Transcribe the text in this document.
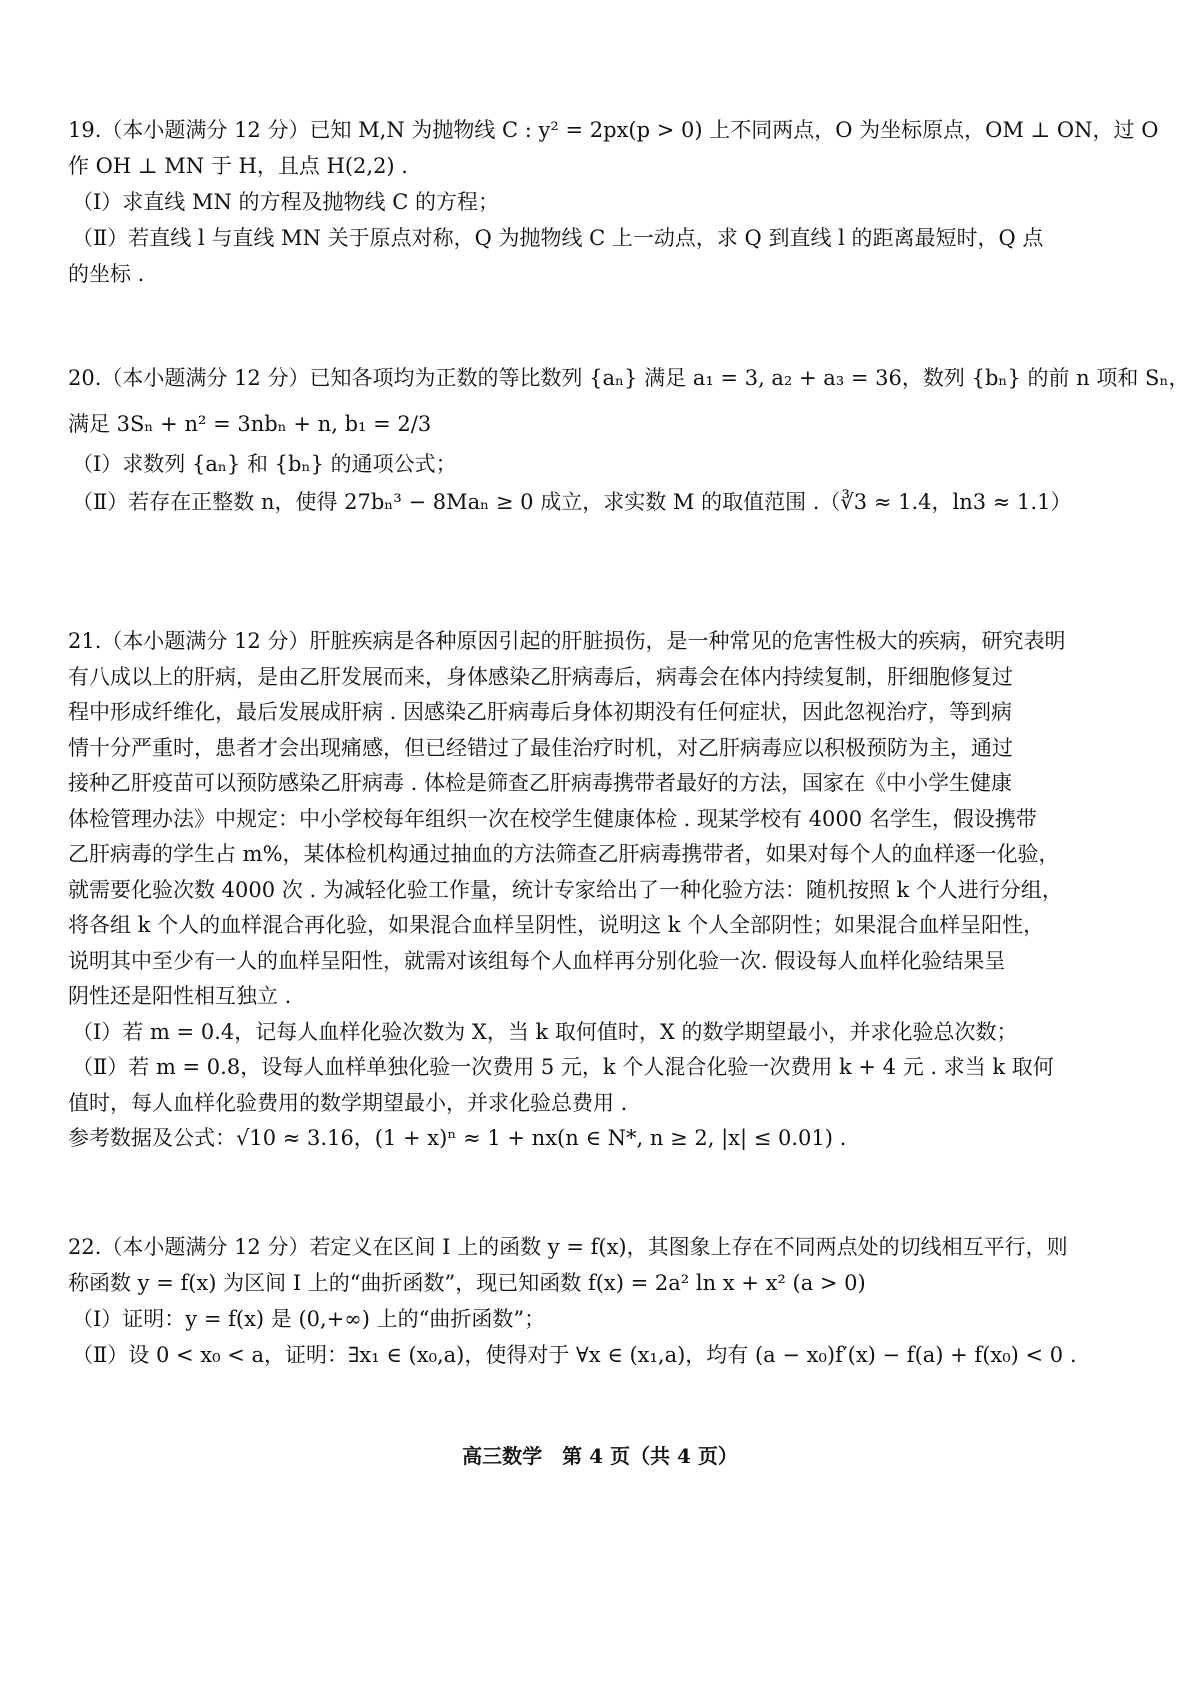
19.（本小题满分 12 分）已知 M,N 为抛物线 C : y² = 2px(p > 0) 上不同两点，O 为坐标原点，OM ⊥ ON，过 O
作 OH ⊥ MN 于 H，且点 H(2,2) .
（Ⅰ）求直线 MN 的方程及抛物线 C 的方程；
（Ⅱ）若直线 l 与直线 MN 关于原点对称，Q 为抛物线 C 上一动点，求 Q 到直线 l 的距离最短时，Q 点
的坐标 .
20.（本小题满分 12 分）已知各项均为正数的等比数列 {aₙ} 满足 a₁ = 3, a₂ + a₃ = 36，数列 {bₙ} 的前 n 项和 Sₙ，
满足 3Sₙ + n² = 3nbₙ + n, b₁ = 2/3
（Ⅰ）求数列 {aₙ} 和 {bₙ} 的通项公式；
（Ⅱ）若存在正整数 n，使得 27bₙ³ − 8Maₙ ≥ 0 成立，求实数 M 的取值范围 .（∛3 ≈ 1.4，ln3 ≈ 1.1）
21.（本小题满分 12 分）肝脏疾病是各种原因引起的肝脏损伤，是一种常见的危害性极大的疾病，研究表明
有八成以上的肝病，是由乙肝发展而来，身体感染乙肝病毒后，病毒会在体内持续复制，肝细胞修复过
程中形成纤维化，最后发展成肝病 . 因感染乙肝病毒后身体初期没有任何症状，因此忽视治疗，等到病
情十分严重时，患者才会出现痛感，但已经错过了最佳治疗时机，对乙肝病毒应以积极预防为主，通过
接种乙肝疫苗可以预防感染乙肝病毒 . 体检是筛查乙肝病毒携带者最好的方法，国家在《中小学生健康
体检管理办法》中规定：中小学校每年组织一次在校学生健康体检 . 现某学校有 4000 名学生，假设携带
乙肝病毒的学生占 m%，某体检机构通过抽血的方法筛查乙肝病毒携带者，如果对每个人的血样逐一化验，
就需要化验次数 4000 次 . 为减轻化验工作量，统计专家给出了一种化验方法：随机按照 k 个人进行分组，
将各组 k 个人的血样混合再化验，如果混合血样呈阴性，说明这 k 个人全部阴性；如果混合血样呈阳性，
说明其中至少有一人的血样呈阳性，就需对该组每个人血样再分别化验一次. 假设每人血样化验结果呈
阴性还是阳性相互独立 .
（Ⅰ）若 m = 0.4，记每人血样化验次数为 X，当 k 取何值时，X 的数学期望最小，并求化验总次数；
（Ⅱ）若 m = 0.8，设每人血样单独化验一次费用 5 元，k 个人混合化验一次费用 k + 4 元 . 求当 k 取何
值时，每人血样化验费用的数学期望最小，并求化验总费用 .
参考数据及公式：√10 ≈ 3.16，(1 + x)ⁿ ≈ 1 + nx(n ∈ N*, n ≥ 2, |x| ≤ 0.01) .
22.（本小题满分 12 分）若定义在区间 I 上的函数 y = f(x)，其图象上存在不同两点处的切线相互平行，则
称函数 y = f(x) 为区间 I 上的“曲折函数”，现已知函数 f(x) = 2a² ln x + x² (a > 0)
（Ⅰ）证明：y = f(x) 是 (0,+∞) 上的“曲折函数”；
（Ⅱ）设 0 < x₀ < a，证明：∃x₁ ∈ (x₀,a)，使得对于 ∀x ∈ (x₁,a)，均有 (a − x₀)f′(x) − f(a) + f(x₀) < 0 .
高三数学　第 4 页（共 4 页）
